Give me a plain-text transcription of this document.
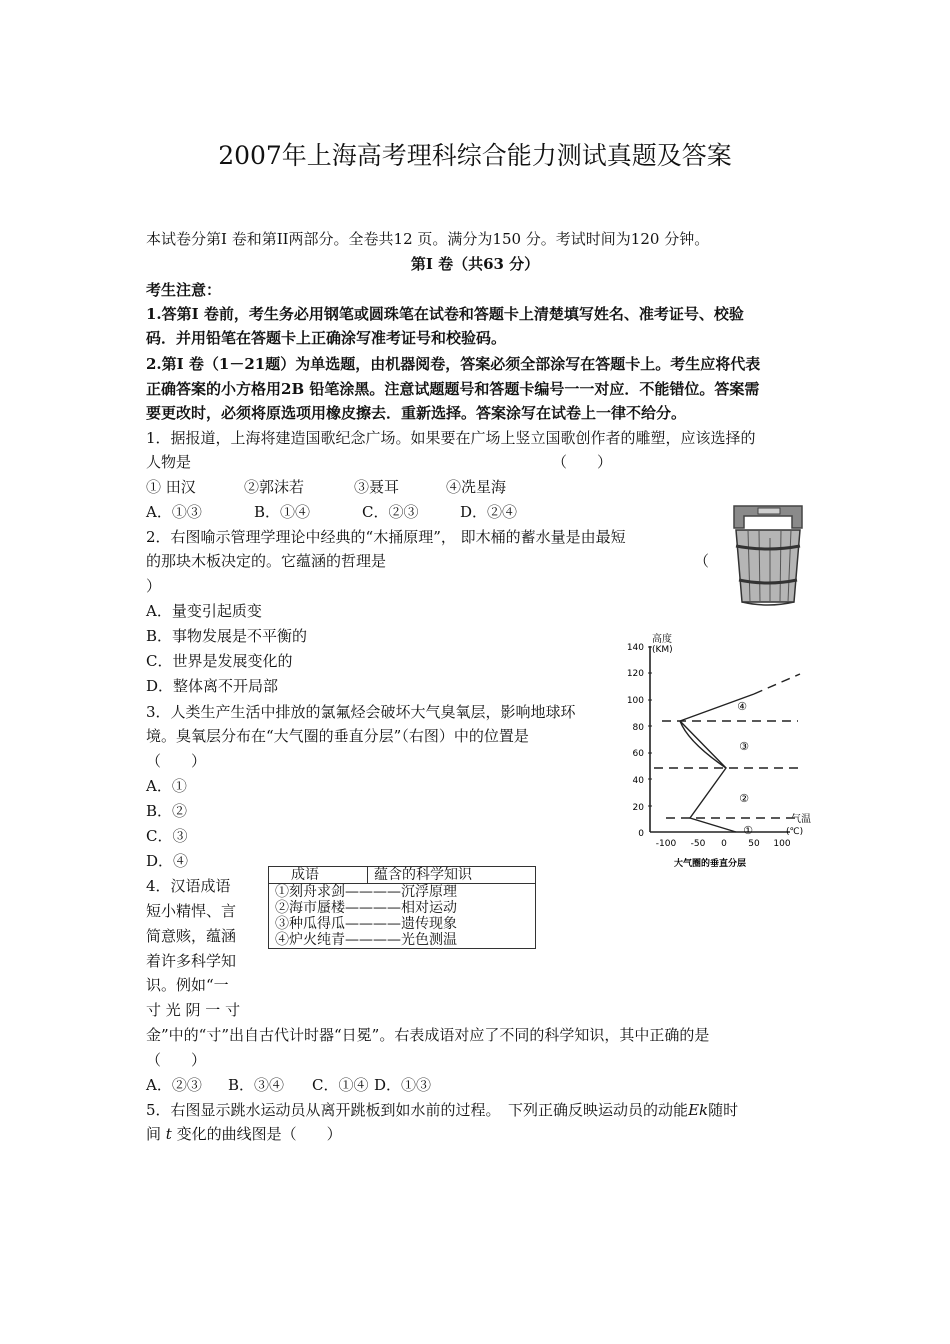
2007年上海高考理科综合能力测试真题及答案
本试卷分第I 卷和第II两部分。全卷共12 页。满分为150 分。考试时间为120 分钟。
第I 卷（共63 分）
考生注意：
1.答第I 卷前，考生务必用钢笔或圆珠笔在试卷和答题卡上清楚填写姓名、准考证号、校验
码．并用铅笔在答题卡上正确涂写准考证号和校验码。
2.第I 卷（1－21题）为单选题，由机器阅卷，答案必须全部涂写在答题卡上。考生应将代表
正确答案的小方格用2B 铅笔涂黑。注意试题题号和答题卡编号一一对应．不能错位。答案需
要更改时，必须将原选项用橡皮擦去．重新选择。答案涂写在试卷上一律不给分。
1．据报道，上海将建造国歌纪念广场。如果要在广场上竖立国歌创作者的雕塑，应该选择的
人物是	（　　）
① 田汉	②郭沫若	③聂耳	④冼星海
A．①③	B．①④	C．②③	D．②④
2．右图喻示管理学理论中经典的“木捅原理”， 即木桶的蓄水量是由最短
的那块木板决定的。它蕴涵的哲理是	（
）
A．量变引起质变
B．事物发展是不平衡的
C．世界是发展变化的
D．整体离不开局部
高度
(KM)
140
120
100
80
60
40
20
0
-100 -50 0 50 100
气温
(℃)
①
②
③
④
大气圈的垂直分层
3．人类生产生活中排放的氯氟烃会破坏大气臭氧层，影响地球环
境。臭氧层分布在“大气圈的垂直分层”（右图）中的位置是
（　　）
A．①
B．②
C．③
D．④
4．汉语成语
短小精悍、言
简意赅，蕴涵
着许多科学知
识。例如“一
寸 光 阴 一 寸
金”中的“寸”出自古代计时器“日冕”。右表成语对应了不同的科学知识，其中正确的是
（　　）
A．②③ B．③④ C．①④ D．①③
成语	蕴含的科学知识
①刻舟求剑————沉浮原理
②海市蜃楼————相对运动
③种瓜得瓜————遗传现象
④炉火纯青————光色测温
5．右图显示跳水运动员从离开跳板到如水前的过程。　下列正确反映运动员的动能Ek随时
间 t 变化的曲线图是（　　）
